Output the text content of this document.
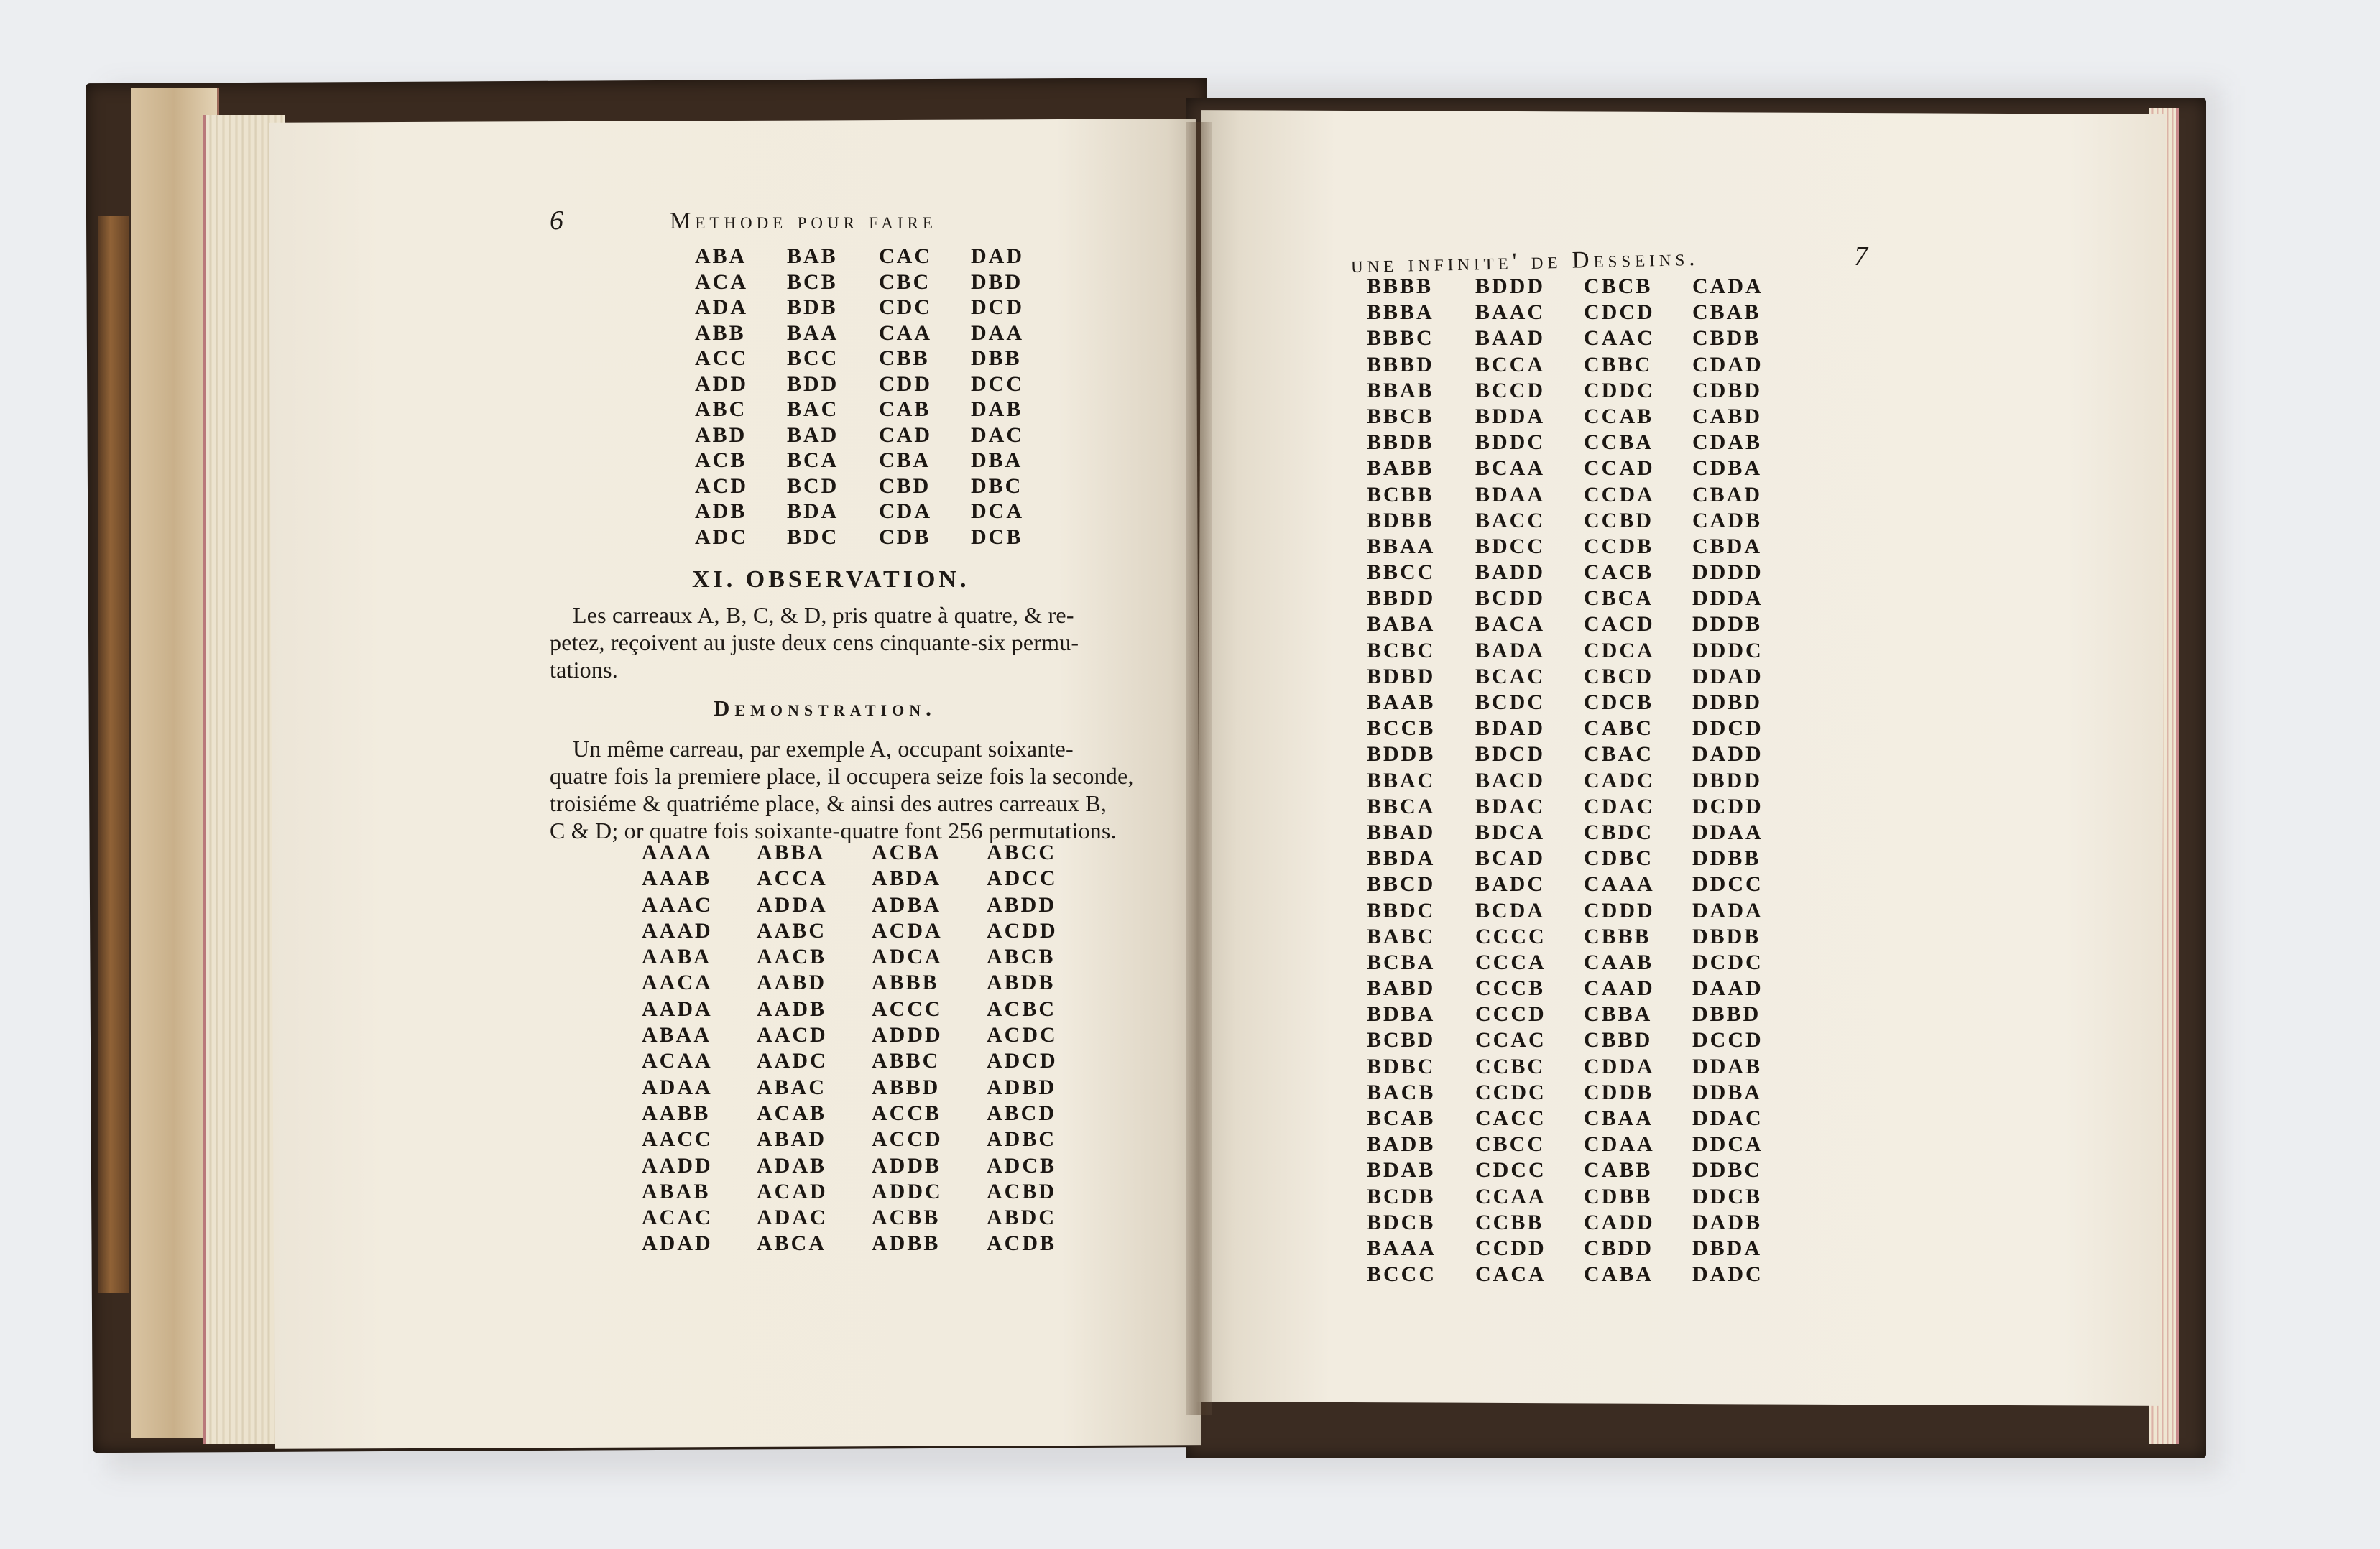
6	Methode pour faire
ABA	BAB	CAC	DAD
ACA	BCB	CBC	DBD
ADA	BDB	CDC	DCD
ABB	BAA	CAA	DAA
ACC	BCC	CBB	DBB
ADD	BDD	CDD	DCC
ABC	BAC	CAB	DAB
ABD	BAD	CAD	DAC
ACB	BCA	CBA	DBA
ACD	BCD	CBD	DBC
ADB	BDA	CDA	DCA
ADC	BDC	CDB	DCB
XI. OBSERVATION.
Les carreaux A, B, C, & D, pris quatre à quatre, & re-
petez, reçoivent au juste deux cens cinquante-six permu-
tations.
Demonstration.
Un même carreau, par exemple A, occupant soixante-
quatre fois la premiere place, il occupera seize fois la seconde,
troisiéme & quatriéme place, & ainsi des autres carreaux B,
C & D; or quatre fois soixante-quatre font 256 permutations.
AAAA	ABBA	ACBA	ABCC
AAAB	ACCA	ABDA	ADCC
AAAC	ADDA	ADBA	ABDD
AAAD	AABC	ACDA	ACDD
AABA	AACB	ADCA	ABCB
AACA	AABD	ABBB	ABDB
AADA	AADB	ACCC	ACBC
ABAA	AACD	ADDD	ACDC
ACAA	AADC	ABBC	ADCD
ADAA	ABAC	ABBD	ADBD
AABB	ACAB	ACCB	ABCD
AACC	ABAD	ACCD	ADBC
AADD	ADAB	ADDB	ADCB
ABAB	ACAD	ADDC	ACBD
ACAC	ADAC	ACBB	ABDC
ADAD	ABCA	ADBB	ACDB
une infinite' de Desseins.	7
BBBB	BDDD	CBCB	CADA
BBBA	BAAC	CDCD	CBAB
BBBC	BAAD	CAAC	CBDB
BBBD	BCCA	CBBC	CDAD
BBAB	BCCD	CDDC	CDBD
BBCB	BDDA	CCAB	CABD
BBDB	BDDC	CCBA	CDAB
BABB	BCAA	CCAD	CDBA
BCBB	BDAA	CCDA	CBAD
BDBB	BACC	CCBD	CADB
BBAA	BDCC	CCDB	CBDA
BBCC	BADD	CACB	DDDD
BBDD	BCDD	CBCA	DDDA
BABA	BACA	CACD	DDDB
BCBC	BADA	CDCA	DDDC
BDBD	BCAC	CBCD	DDAD
BAAB	BCDC	CDCB	DDBD
BCCB	BDAD	CABC	DDCD
BDDB	BDCD	CBAC	DADD
BBAC	BACD	CADC	DBDD
BBCA	BDAC	CDAC	DCDD
BBAD	BDCA	CBDC	DDAA
BBDA	BCAD	CDBC	DDBB
BBCD	BADC	CAAA	DDCC
BBDC	BCDA	CDDD	DADA
BABC	CCCC	CBBB	DBDB
BCBA	CCCA	CAAB	DCDC
BABD	CCCB	CAAD	DAAD
BDBA	CCCD	CBBA	DBBD
BCBD	CCAC	CBBD	DCCD
BDBC	CCBC	CDDA	DDAB
BACB	CCDC	CDDB	DDBA
BCAB	CACC	CBAA	DDAC
BADB	CBCC	CDAA	DDCA
BDAB	CDCC	CABB	DDBC
BCDB	CCAA	CDBB	DDCB
BDCB	CCBB	CADD	DADB
BAAA	CCDD	CBDD	DBDA
BCCC	CACA	CABA	DADC
